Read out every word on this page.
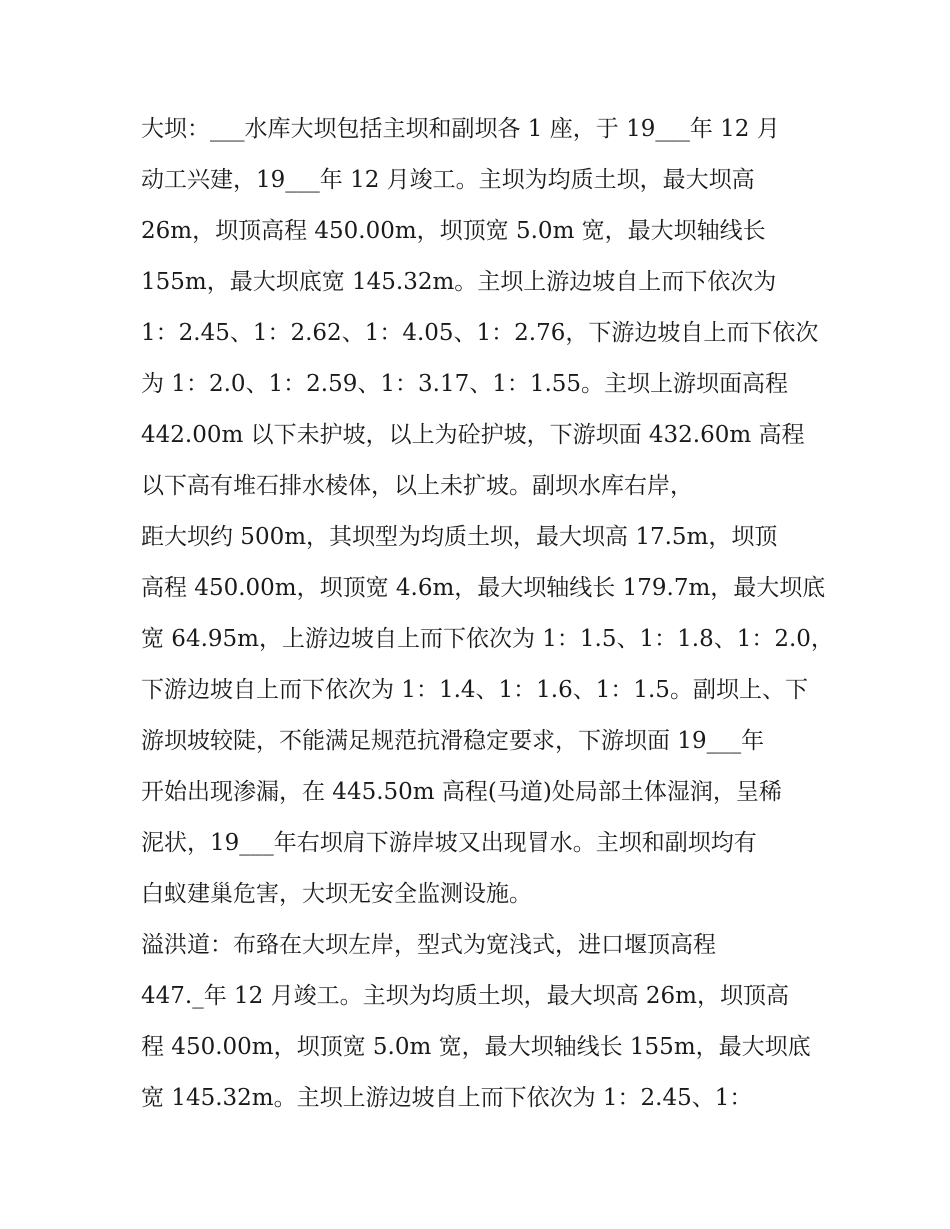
大坝：___水库大坝包括主坝和副坝各 1 座，于 19___年 12 月
动工兴建，19___年 12 月竣工。主坝为均质土坝，最大坝高
26m，坝顶高程 450.00m，坝顶宽 5.0m 宽，最大坝轴线长
155m，最大坝底宽 145.32m。主坝上游边坡自上而下依次为
1：2.45、1：2.62、1：4.05、1：2.76，下游边坡自上而下依次
为 1：2.0、1：2.59、1：3.17、1：1.55。主坝上游坝面高程
442.00m 以下未护坡，以上为砼护坡，下游坝面 432.60m 高程
以下高有堆石排水棱体，以上未扩坡。副坝水库右岸，
距大坝约 500m，其坝型为均质土坝，最大坝高 17.5m，坝顶
高程 450.00m，坝顶宽 4.6m，最大坝轴线长 179.7m，最大坝底
宽 64.95m，上游边坡自上而下依次为 1：1.5、1：1.8、1：2.0，
下游边坡自上而下依次为 1：1.4、1：1.6、1：1.5。副坝上、下
游坝坡较陡，不能满足规范抗滑稳定要求，下游坝面 19___年
开始出现渗漏，在 445.50m 高程(马道)处局部土体湿润，呈稀
泥状，19___年右坝肩下游岸坡又出现冒水。主坝和副坝均有
白蚁建巢危害，大坝无安全监测设施。
溢洪道：布臵在大坝左岸，型式为宽浅式，进口堰顶高程
447._年 12 月竣工。主坝为均质土坝，最大坝高 26m，坝顶高
程 450.00m，坝顶宽 5.0m 宽，最大坝轴线长 155m，最大坝底
宽 145.32m。主坝上游边坡自上而下依次为 1：2.45、1：
